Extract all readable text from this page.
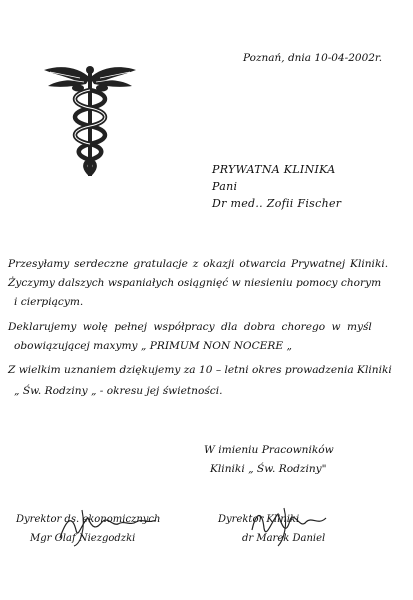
Poznań, dnia 10-04-2002r.
PRYWATNA KLINIKA
Pani
Dr med.. Zofii Fischer
Przesyłamy serdeczne gratulacje z okazji otwarcia Prywatnej Kliniki.
Życzymy dalszych wspaniałych osiągnięć w niesieniu pomocy chorym
i cierpiącym.
Deklarujemy wolę pełnej współpracy dla dobra chorego w myśl
obowiązującej maxymy „ PRIMUM NON NOCERE „
Z wielkim uznaniem dziękujemy za 10 – letni okres prowadzenia Kliniki
„ Św. Rodziny „ - okresu jej świetności.
W imieniu Pracowników
Kliniki „ Św. Rodziny"
Dyrektor ds. ekonomicznych
Mgr Olaf Niezgodzki
Dyrektor Kliniki
dr Marek Daniel
